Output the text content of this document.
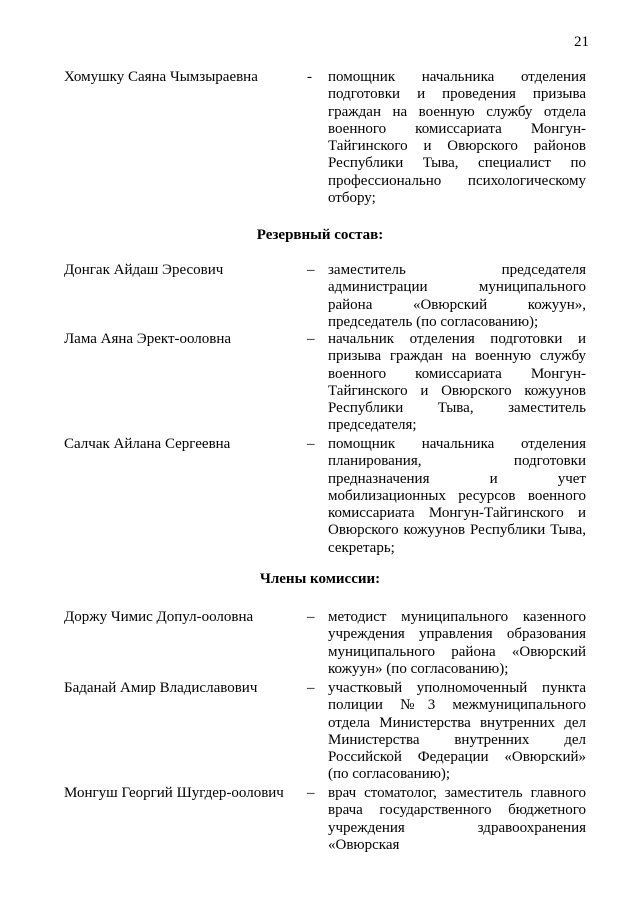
21
Хомушку Саяна Чымзыраевна	- помощник начальника отделения подготовки и проведения призыва граждан на военную службу отдела военного комиссариата Монгун-Тайгинского и Овюрского районов Республики Тыва, специалист по профессионально психологическому отбору;
Резервный состав:
Донгак Айдаш Эресович	– заместитель председателя администрации муниципального района «Овюрский кожуун», председатель (по согласованию);
Лама Аяна Эрект-ооловна	– начальник отделения подготовки и призыва граждан на военную службу военного комиссариата Монгун-Тайгинского и Овюрского кожуунов Республики Тыва, заместитель председателя;
Салчак Айлана Сергеевна	– помощник начальника отделения планирования, подготовки предназначения и учет мобилизационных ресурсов военного комиссариата Монгун-Тайгинского и Овюрского кожуунов Республики Тыва, секретарь;
Члены комиссии:
Доржу Чимис Допул-ооловна	– методист муниципального казенного учреждения управления образования муниципального района «Овюрский кожуун» (по согласованию);
Баданай Амир Владиславович	– участковый уполномоченный пункта полиции №3 межмуниципального отдела Министерства внутренних дел Министерства внутренних дел Российской Федерации «Овюрский» (по согласованию);
Монгуш Георгий Шугдер-оолович – врач стоматолог, заместитель главного врача государственного бюджетного учреждения здравоохранения «Овюрская
